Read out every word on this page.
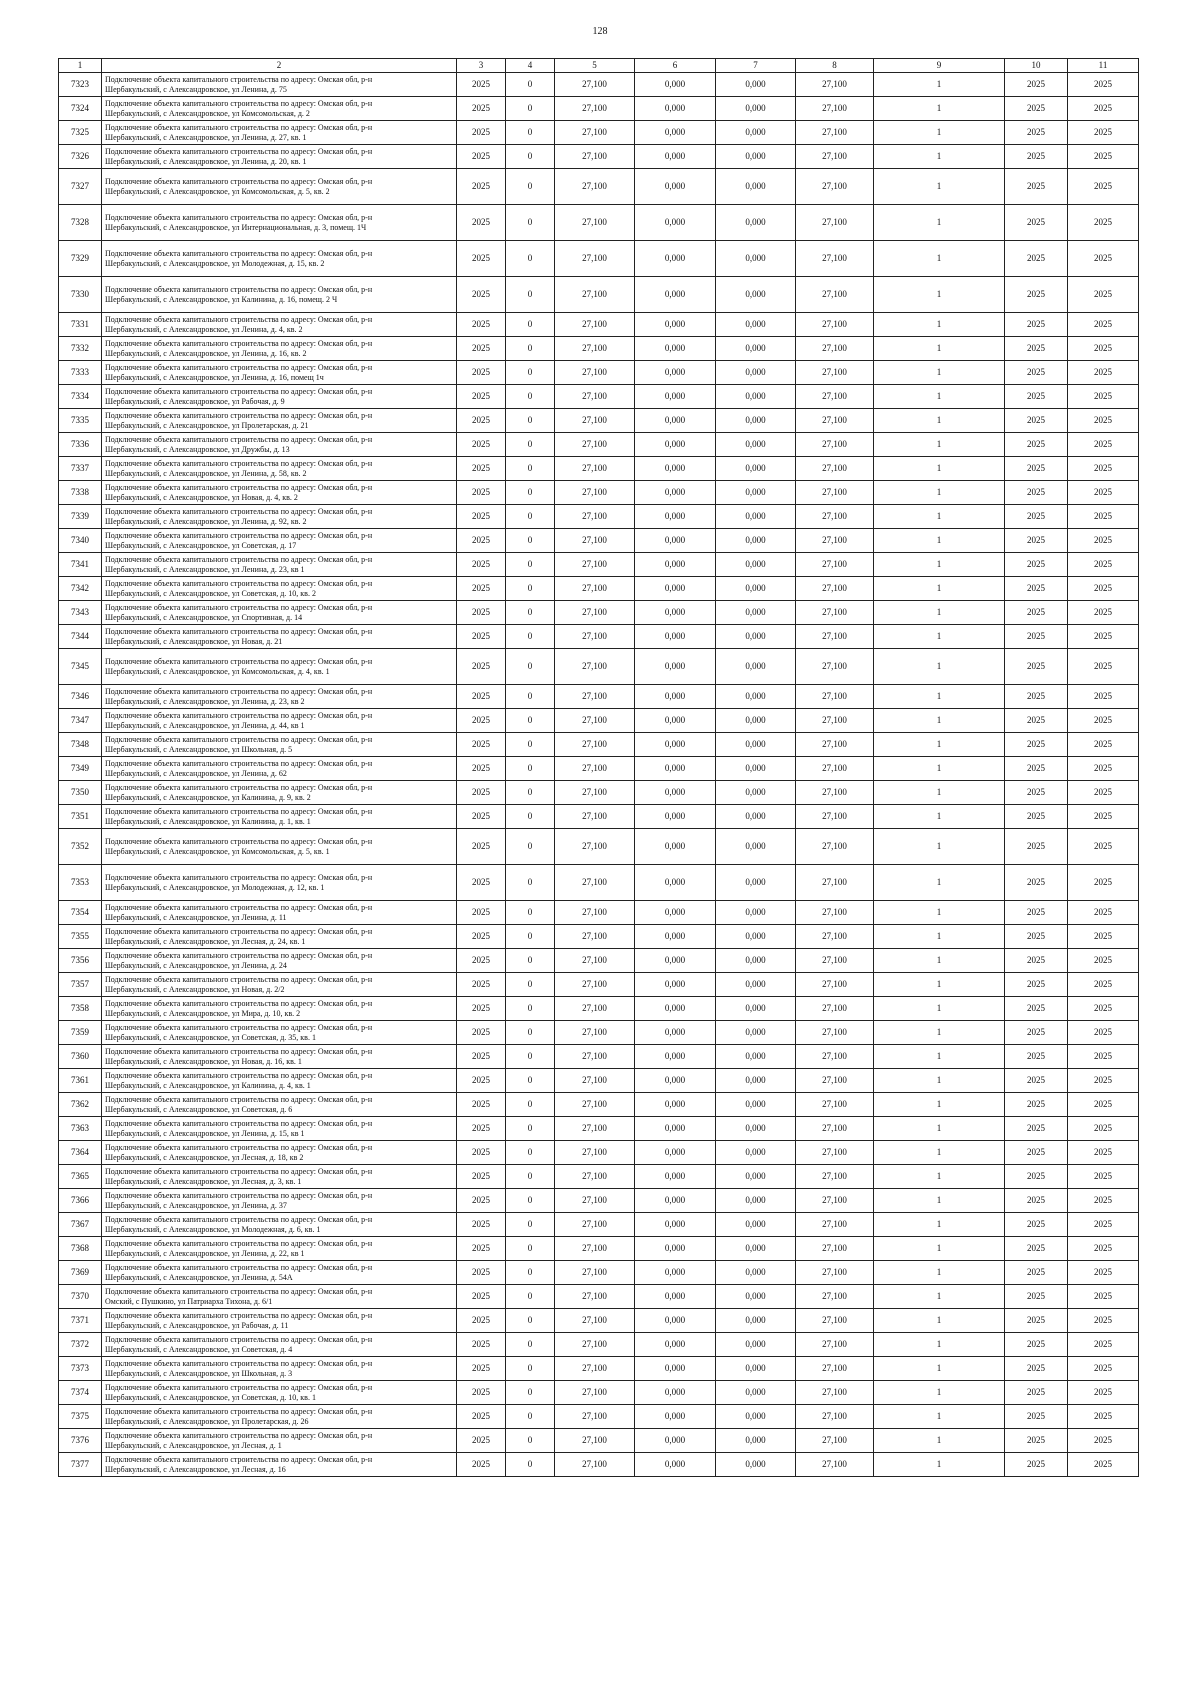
128
1	2	3	4	5	6	7	8	9	10	11
7323	Подключение объекта капитального строительства по адресу: Омская обл, р-н
Шербакульский, с Александровское, ул Ленина, д. 75	2025	0	27,100	0,000	0,000	27,100	1	2025	2025
7324	Подключение объекта капитального строительства по адресу: Омская обл, р-н
Шербакульский, с Александровское, ул Комсомольская, д. 2	2025	0	27,100	0,000	0,000	27,100	1	2025	2025
7325	Подключение объекта капитального строительства по адресу: Омская обл, р-н
Шербакульский, с Александровское, ул Ленина, д. 27, кв. 1	2025	0	27,100	0,000	0,000	27,100	1	2025	2025
7326	Подключение объекта капитального строительства по адресу: Омская обл, р-н
Шербакульский, с Александровское, ул Ленина, д. 20, кв. 1	2025	0	27,100	0,000	0,000	27,100	1	2025	2025
7327	Подключение объекта капитального строительства по адресу: Омская обл, р-н
Шербакульский, с Александровское, ул Комсомольская, д. 5, кв. 2	2025	0	27,100	0,000	0,000	27,100	1	2025	2025
7328	Подключение объекта капитального строительства по адресу: Омская обл, р-н
Шербакульский, с Александровское, ул Интернациональная, д. 3, помещ. 1Ч	2025	0	27,100	0,000	0,000	27,100	1	2025	2025
7329	Подключение объекта капитального строительства по адресу: Омская обл, р-н
Шербакульский, с Александровское, ул Молодежная, д. 15, кв. 2	2025	0	27,100	0,000	0,000	27,100	1	2025	2025
7330	Подключение объекта капитального строительства по адресу: Омская обл, р-н
Шербакульский, с Александровское, ул Калинина, д. 16, помещ. 2 Ч	2025	0	27,100	0,000	0,000	27,100	1	2025	2025
7331	Подключение объекта капитального строительства по адресу: Омская обл, р-н
Шербакульский, с Александровское, ул Ленина, д. 4, кв. 2	2025	0	27,100	0,000	0,000	27,100	1	2025	2025
7332	Подключение объекта капитального строительства по адресу: Омская обл, р-н
Шербакульский, с Александровское, ул Ленина, д. 16, кв. 2	2025	0	27,100	0,000	0,000	27,100	1	2025	2025
7333	Подключение объекта капитального строительства по адресу: Омская обл, р-н
Шербакульский, с Александровское, ул Ленина, д. 16, помещ 1ч	2025	0	27,100	0,000	0,000	27,100	1	2025	2025
7334	Подключение объекта капитального строительства по адресу: Омская обл, р-н
Шербакульский, с Александровское, ул Рабочая, д. 9	2025	0	27,100	0,000	0,000	27,100	1	2025	2025
7335	Подключение объекта капитального строительства по адресу: Омская обл, р-н
Шербакульский, с Александровское, ул Пролетарская, д. 21	2025	0	27,100	0,000	0,000	27,100	1	2025	2025
7336	Подключение объекта капитального строительства по адресу: Омская обл, р-н
Шербакульский, с Александровское, ул Дружбы, д. 13	2025	0	27,100	0,000	0,000	27,100	1	2025	2025
7337	Подключение объекта капитального строительства по адресу: Омская обл, р-н
Шербакульский, с Александровское, ул Ленина, д. 58, кв. 2	2025	0	27,100	0,000	0,000	27,100	1	2025	2025
7338	Подключение объекта капитального строительства по адресу: Омская обл, р-н
Шербакульский, с Александровское, ул Новая, д. 4, кв. 2	2025	0	27,100	0,000	0,000	27,100	1	2025	2025
7339	Подключение объекта капитального строительства по адресу: Омская обл, р-н
Шербакульский, с Александровское, ул Ленина, д. 92, кв. 2	2025	0	27,100	0,000	0,000	27,100	1	2025	2025
7340	Подключение объекта капитального строительства по адресу: Омская обл, р-н
Шербакульский, с Александровское, ул Советская, д. 17	2025	0	27,100	0,000	0,000	27,100	1	2025	2025
7341	Подключение объекта капитального строительства по адресу: Омская обл, р-н
Шербакульский, с Александровское, ул Ленина, д. 23, кв 1	2025	0	27,100	0,000	0,000	27,100	1	2025	2025
7342	Подключение объекта капитального строительства по адресу: Омская обл, р-н
Шербакульский, с Александровское, ул Советская, д. 10, кв. 2	2025	0	27,100	0,000	0,000	27,100	1	2025	2025
7343	Подключение объекта капитального строительства по адресу: Омская обл, р-н
Шербакульский, с Александровское, ул Спортивная, д. 14	2025	0	27,100	0,000	0,000	27,100	1	2025	2025
7344	Подключение объекта капитального строительства по адресу: Омская обл, р-н
Шербакульский, с Александровское, ул Новая, д. 21	2025	0	27,100	0,000	0,000	27,100	1	2025	2025
7345	Подключение объекта капитального строительства по адресу: Омская обл, р-н
Шербакульский, с Александровское, ул Комсомольская, д. 4, кв. 1	2025	0	27,100	0,000	0,000	27,100	1	2025	2025
7346	Подключение объекта капитального строительства по адресу: Омская обл, р-н
Шербакульский, с Александровское, ул Ленина, д. 23, кв 2	2025	0	27,100	0,000	0,000	27,100	1	2025	2025
7347	Подключение объекта капитального строительства по адресу: Омская обл, р-н
Шербакульский, с Александровское, ул Ленина, д. 44, кв 1	2025	0	27,100	0,000	0,000	27,100	1	2025	2025
7348	Подключение объекта капитального строительства по адресу: Омская обл, р-н
Шербакульский, с Александровское, ул Школьная, д. 5	2025	0	27,100	0,000	0,000	27,100	1	2025	2025
7349	Подключение объекта капитального строительства по адресу: Омская обл, р-н
Шербакульский, с Александровское, ул Ленина, д. 62	2025	0	27,100	0,000	0,000	27,100	1	2025	2025
7350	Подключение объекта капитального строительства по адресу: Омская обл, р-н
Шербакульский, с Александровское, ул Калинина, д. 9, кв. 2	2025	0	27,100	0,000	0,000	27,100	1	2025	2025
7351	Подключение объекта капитального строительства по адресу: Омская обл, р-н
Шербакульский, с Александровское, ул Калинина, д. 1, кв. 1	2025	0	27,100	0,000	0,000	27,100	1	2025	2025
7352	Подключение объекта капитального строительства по адресу: Омская обл, р-н
Шербакульский, с Александровское, ул Комсомольская, д. 5, кв. 1	2025	0	27,100	0,000	0,000	27,100	1	2025	2025
7353	Подключение объекта капитального строительства по адресу: Омская обл, р-н
Шербакульский, с Александровское, ул Молодежная, д. 12, кв. 1	2025	0	27,100	0,000	0,000	27,100	1	2025	2025
7354	Подключение объекта капитального строительства по адресу: Омская обл, р-н
Шербакульский, с Александровское, ул Ленина, д. 11	2025	0	27,100	0,000	0,000	27,100	1	2025	2025
7355	Подключение объекта капитального строительства по адресу: Омская обл, р-н
Шербакульский, с Александровское, ул Лесная, д. 24, кв. 1	2025	0	27,100	0,000	0,000	27,100	1	2025	2025
7356	Подключение объекта капитального строительства по адресу: Омская обл, р-н
Шербакульский, с Александровское, ул Ленина, д. 24	2025	0	27,100	0,000	0,000	27,100	1	2025	2025
7357	Подключение объекта капитального строительства по адресу: Омская обл, р-н
Шербакульский, с Александровское, ул Новая, д. 2/2	2025	0	27,100	0,000	0,000	27,100	1	2025	2025
7358	Подключение объекта капитального строительства по адресу: Омская обл, р-н
Шербакульский, с Александровское, ул Мира, д. 10, кв. 2	2025	0	27,100	0,000	0,000	27,100	1	2025	2025
7359	Подключение объекта капитального строительства по адресу: Омская обл, р-н
Шербакульский, с Александровское, ул Советская, д. 35, кв. 1	2025	0	27,100	0,000	0,000	27,100	1	2025	2025
7360	Подключение объекта капитального строительства по адресу: Омская обл, р-н
Шербакульский, с Александровское, ул Новая, д. 16, кв. 1	2025	0	27,100	0,000	0,000	27,100	1	2025	2025
7361	Подключение объекта капитального строительства по адресу: Омская обл, р-н
Шербакульский, с Александровское, ул Калинина, д. 4, кв. 1	2025	0	27,100	0,000	0,000	27,100	1	2025	2025
7362	Подключение объекта капитального строительства по адресу: Омская обл, р-н
Шербакульский, с Александровское, ул Советская, д. 6	2025	0	27,100	0,000	0,000	27,100	1	2025	2025
7363	Подключение объекта капитального строительства по адресу: Омская обл, р-н
Шербакульский, с Александровское, ул Ленина, д. 15, кв 1	2025	0	27,100	0,000	0,000	27,100	1	2025	2025
7364	Подключение объекта капитального строительства по адресу: Омская обл, р-н
Шербакульский, с Александровское, ул Лесная, д. 18, кв 2	2025	0	27,100	0,000	0,000	27,100	1	2025	2025
7365	Подключение объекта капитального строительства по адресу: Омская обл, р-н
Шербакульский, с Александровское, ул Лесная, д. 3, кв. 1	2025	0	27,100	0,000	0,000	27,100	1	2025	2025
7366	Подключение объекта капитального строительства по адресу: Омская обл, р-н
Шербакульский, с Александровское, ул Ленина, д. 37	2025	0	27,100	0,000	0,000	27,100	1	2025	2025
7367	Подключение объекта капитального строительства по адресу: Омская обл, р-н
Шербакульский, с Александровское, ул Молодежная, д. 6, кв. 1	2025	0	27,100	0,000	0,000	27,100	1	2025	2025
7368	Подключение объекта капитального строительства по адресу: Омская обл, р-н
Шербакульский, с Александровское, ул Ленина, д. 22, кв 1	2025	0	27,100	0,000	0,000	27,100	1	2025	2025
7369	Подключение объекта капитального строительства по адресу: Омская обл, р-н
Шербакульский, с Александровское, ул Ленина, д. 54А	2025	0	27,100	0,000	0,000	27,100	1	2025	2025
7370	Подключение объекта капитального строительства по адресу: Омская обл, р-н
Омский, с Пушкино, ул Патриарха Тихона, д. 6/1	2025	0	27,100	0,000	0,000	27,100	1	2025	2025
7371	Подключение объекта капитального строительства по адресу: Омская обл, р-н
Шербакульский, с Александровское, ул Рабочая, д. 11	2025	0	27,100	0,000	0,000	27,100	1	2025	2025
7372	Подключение объекта капитального строительства по адресу: Омская обл, р-н
Шербакульский, с Александровское, ул Советская, д. 4	2025	0	27,100	0,000	0,000	27,100	1	2025	2025
7373	Подключение объекта капитального строительства по адресу: Омская обл, р-н
Шербакульский, с Александровское, ул Школьная, д. 3	2025	0	27,100	0,000	0,000	27,100	1	2025	2025
7374	Подключение объекта капитального строительства по адресу: Омская обл, р-н
Шербакульский, с Александровское, ул Советская, д. 10, кв. 1	2025	0	27,100	0,000	0,000	27,100	1	2025	2025
7375	Подключение объекта капитального строительства по адресу: Омская обл, р-н
Шербакульский, с Александровское, ул Пролетарская, д. 26	2025	0	27,100	0,000	0,000	27,100	1	2025	2025
7376	Подключение объекта капитального строительства по адресу: Омская обл, р-н
Шербакульский, с Александровское, ул Лесная, д. 1	2025	0	27,100	0,000	0,000	27,100	1	2025	2025
7377	Подключение объекта капитального строительства по адресу: Омская обл, р-н
Шербакульский, с Александровское, ул Лесная, д. 16	2025	0	27,100	0,000	0,000	27,100	1	2025	2025
